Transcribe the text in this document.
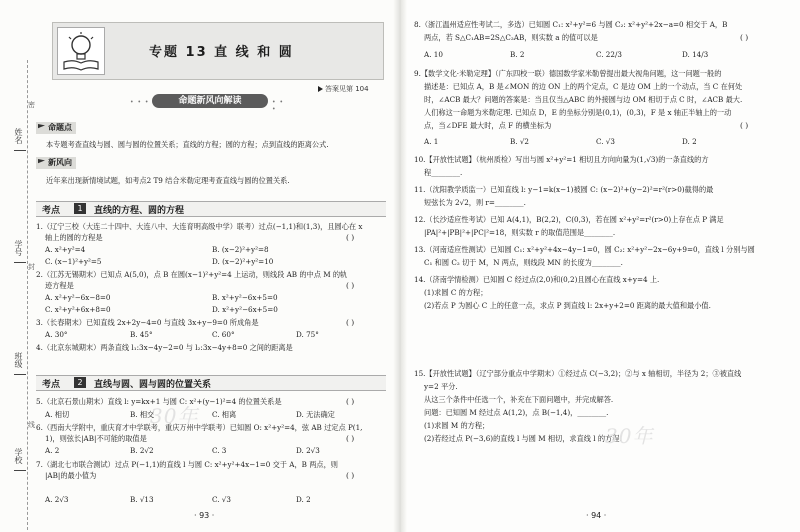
姓名
学号
班级
学校
密
封
线
专题 13 直 线 和 圆
答案见第 104
• • •	命题新风向解读	• • •
命题点
本专题考查直线与圆、圆与圆的位置关系；直线的方程；圆的方程；点到直线的距离公式.
新风向
近年来出现新情境试题，如考点2 T9 结合米勒定理考查直线与圆的位置关系.
考点	1	直线的方程、圆的方程
1.（辽宁三校（大连二十四中、大连八中、大连育明高级中学）联考）过点(−1,1)和(1,3)，且圆心在 x
轴上的圆的方程是	( )
A. x²+y²=4	B. (x−2)²+y²=8
C. (x−1)²+y²=5	D. (x−2)²+y²=10
2.（江苏无锡期末）已知点 A(5,0)，点 B 在圆(x−1)²+y²=4 上运动，则线段 AB 的中点 M 的轨
迹方程是	( )
A. x²+y²−6x−8=0	B. x²+y²−6x+5=0
C. x²+y²+6x+8=0	D. x²+y²−6x+5=0
3.（长春期末）已知直线 2x+2y−4=0 与直线 3x+y−9=0 所成角是	( )
A. 30°	B. 45°	C. 60°	D. 75°
4.（北京东城期末）两条直线 l₁:3x−4y−2=0 与 l₂:3x−4y+8=0 之间的距离是
考点	2	直线与圆、圆与圆的位置关系
5.（北京石景山期末）直线 l: y=kx+1 与圆 C: x²+(y−1)²=4 的位置关系是	( )
A. 相切	B. 相交	C. 相离	D. 无法确定
6.（西南大学附中，重庆育才中学联考，重庆万州中学联考）已知圆 O: x²+y²=4，弦 AB 过定点 P(1,
1)，则弦长|AB|不可能的取值是	( )
A. 2	B. 2√2	C. 3	D. 2√3
7.（湖北七市联合测试）过点 P(−1,1)的直线 l 与圆 C: x²+y²+4x−1=0 交于 A，B 两点，则
|AB|的最小值为	( )
A. 2√3	B. √13	C. √3	D. 2
30年
· 93 ·
8.（浙江温州适应性考试二，多选）已知圆 C₁: x²+y²=6 与圆 C₂: x²+y²+2x−a=0 相交于 A，B
两点，若 S△C₁AB=2S△C₂AB，则实数 a 的值可以是	( )
A. 10	B. 2	C. 22/3	D. 14/3
9.【数学文化·米勒定理】（广东四校一联）德国数学家米勒曾提出最大视角问题，这一问题一般的
描述是：已知点 A，B 是∠MON 的边 ON 上的两个定点，C 是边 OM 上的一个动点，当 C 在何处
时，∠ACB 最大？问题的答案是：当且仅当△ABC 的外接圆与边 OM 相切于点 C 时，∠ACB 最大.
人们称这一命题为米勒定理. 已知点 D，E 的坐标分别是(0,1)，(0,3)，F 是 x 轴正半轴上的一动
点，当∠DFE 最大时，点 F 的横坐标为	( )
A. 1	B. √2	C. √3	D. 2
10.【开放性试题】（杭州质检）写出与圆 x²+y²=1 相切且方向向量为(1,√3)的一条直线的方
程________.
11.（沈阳教学质监一）已知直线 l: y−1=k(x−1)被圆 C: (x−2)²+(y−2)²=r²(r>0)截得的最
短弦长为 2√2，则 r=________.
12.（长沙适应性考试）已知 A(4,1)，B(2,2)，C(0,3)，若在圆 x²+y²=r²(r>0)上存在点 P 满足
|PA|²+|PB|²+|PC|²=18，则实数 r 的取值范围是________.
13.（河南适应性测试）已知圆 C₁: x²+y²+4x−4y−1=0，圆 C₂: x²+y²−2x−6y+9=0，直线 l 分别与圆
C₁ 和圆 C₂ 切于 M，N 两点，则线段 MN 的长度为________.
14.（济南学情检测）已知圆 C 经过点(2,0)和(0,2)且圆心在直线 x+y=4 上.
(1)求圆 C 的方程；
(2)若点 P 为圆心 C 上的任意一点，求点 P 到直线 l: 2x+y+2=0 距离的最大值和最小值.
15.【开放性试题】（辽宁部分重点中学期末）①经过点 C(−3,2)；②与 x 轴相切，半径为 2；③被直线
y=2 平分.
从这三个条件中任选一个，补充在下面问题中，并完成解答.
问题：已知圆 M 经过点 A(1,2)，点 B(−1,4)，________.
(1)求圆 M 的方程；
(2)若经过点 P(−3,6)的直线 l 与圆 M 相切，求直线 l 的方程.
30年
· 94 ·
